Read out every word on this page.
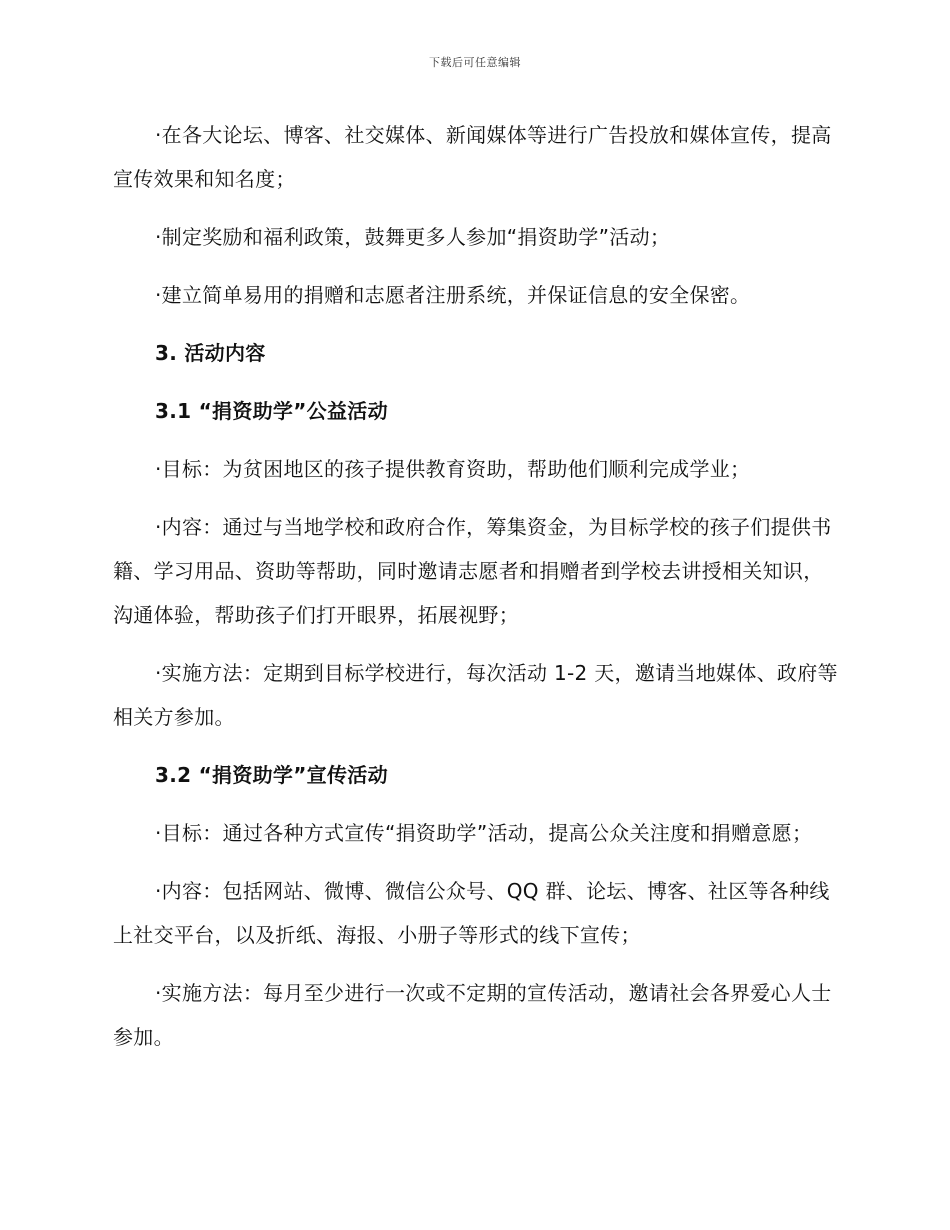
下载后可任意编辑

·在各大论坛、博客、社交媒体、新闻媒体等进行广告投放和媒体宣传，提高宣传效果和知名度；

·制定奖励和福利政策，鼓舞更多人参加“捐资助学”活动；

·建立简单易用的捐赠和志愿者注册系统，并保证信息的安全保密。

3. 活动内容

3.1 “捐资助学”公益活动

·目标：为贫困地区的孩子提供教育资助，帮助他们顺利完成学业；

·内容：通过与当地学校和政府合作，筹集资金，为目标学校的孩子们提供书籍、学习用品、资助等帮助，同时邀请志愿者和捐赠者到学校去讲授相关知识，沟通体验，帮助孩子们打开眼界，拓展视野；

·实施方法：定期到目标学校进行，每次活动 1-2 天，邀请当地媒体、政府等相关方参加。

3.2 “捐资助学”宣传活动

·目标：通过各种方式宣传“捐资助学”活动，提高公众关注度和捐赠意愿；

·内容：包括网站、微博、微信公众号、QQ 群、论坛、博客、社区等各种线上社交平台，以及折纸、海报、小册子等形式的线下宣传；

·实施方法：每月至少进行一次或不定期的宣传活动，邀请社会各界爱心人士参加。
